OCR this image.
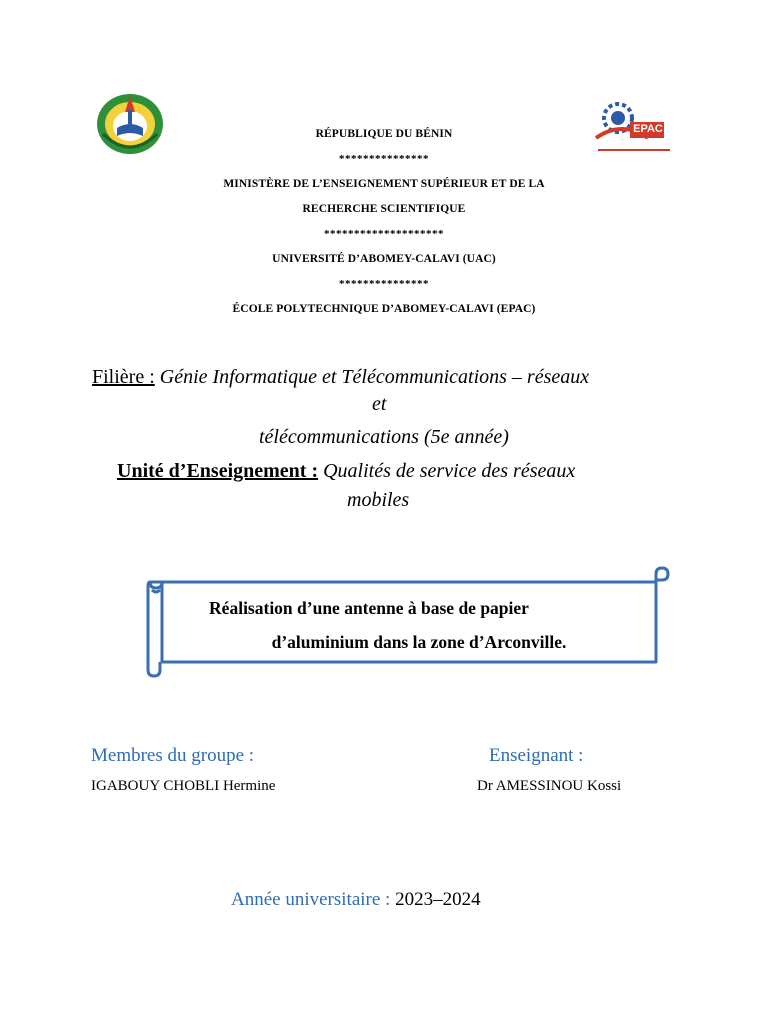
EPAC
RÉPUBLIQUE DU BÉNIN
***************
MINISTÈRE DE L’ENSEIGNEMENT SUPÉRIEUR ET DE LA
RECHERCHE SCIENTIFIQUE
********************
UNIVERSITÉ D’ABOMEY-CALAVI (UAC)
***************
ÉCOLE POLYTECHNIQUE D’ABOMEY-CALAVI (EPAC)
Filière : Génie Informatique et Télécommunications – réseaux
et
télécommunications (5e année)
Unité d’Enseignement : Qualités de service des réseaux
mobiles
Réalisation d’une antenne à base de papier
d’aluminium dans la zone d’Arconville.
Membres du groupe :
IGABOUY CHOBLI Hermine
Enseignant :
Dr AMESSINOU Kossi
Année universitaire : 2023–2024
